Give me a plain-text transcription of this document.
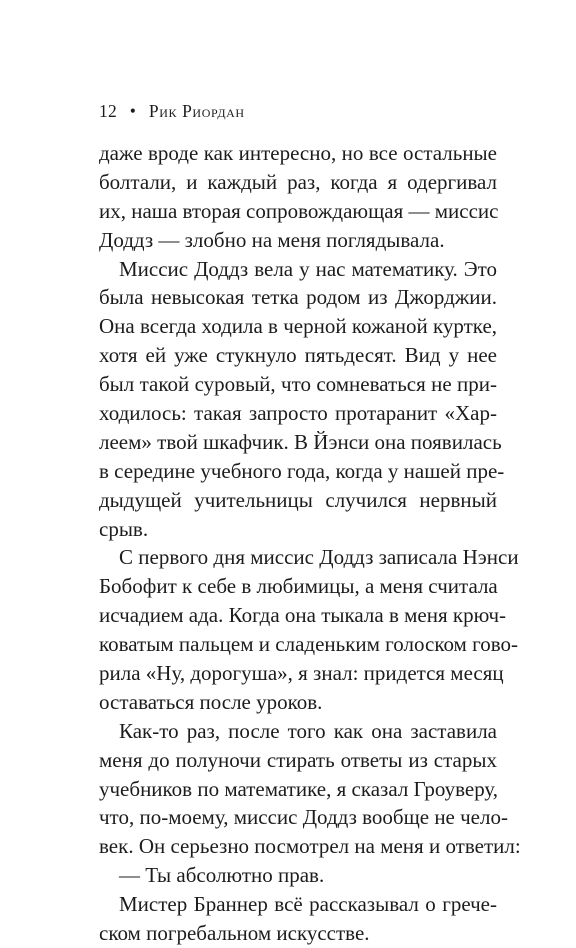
12 • Рик Риордан
даже вроде как интересно, но все остальные
болтали, и каждый раз, когда я одергивал
их, наша вторая сопровождающая — миссис
Доддз — злобно на меня поглядывала.
Миссис Доддз вела у нас математику. Это
была невысокая тетка родом из Джорджии.
Она всегда ходила в черной кожаной куртке,
хотя ей уже стукнуло пятьдесят. Вид у нее
был такой суровый, что сомневаться не при-
ходилось: такая запросто протаранит «Хар-
леем» твой шкафчик. В Йэнси она появилась
в середине учебного года, когда у нашей пре-
дыдущей учительницы случился нервный
срыв.
С первого дня миссис Доддз записала Нэнси
Бобофит к себе в любимицы, а меня считала
исчадием ада. Когда она тыкала в меня крюч-
коватым пальцем и сладеньким голоском гово-
рила «Ну, дорогуша», я знал: придется месяц
оставаться после уроков.
Как-то раз, после того как она заставила
меня до полуночи стирать ответы из старых
учебников по математике, я сказал Гроуверу,
что, по-моему, миссис Доддз вообще не чело-
век. Он серьезно посмотрел на меня и ответил:
— Ты абсолютно прав.
Мистер Браннер всё рассказывал о грече-
ском погребальном искусстве.
